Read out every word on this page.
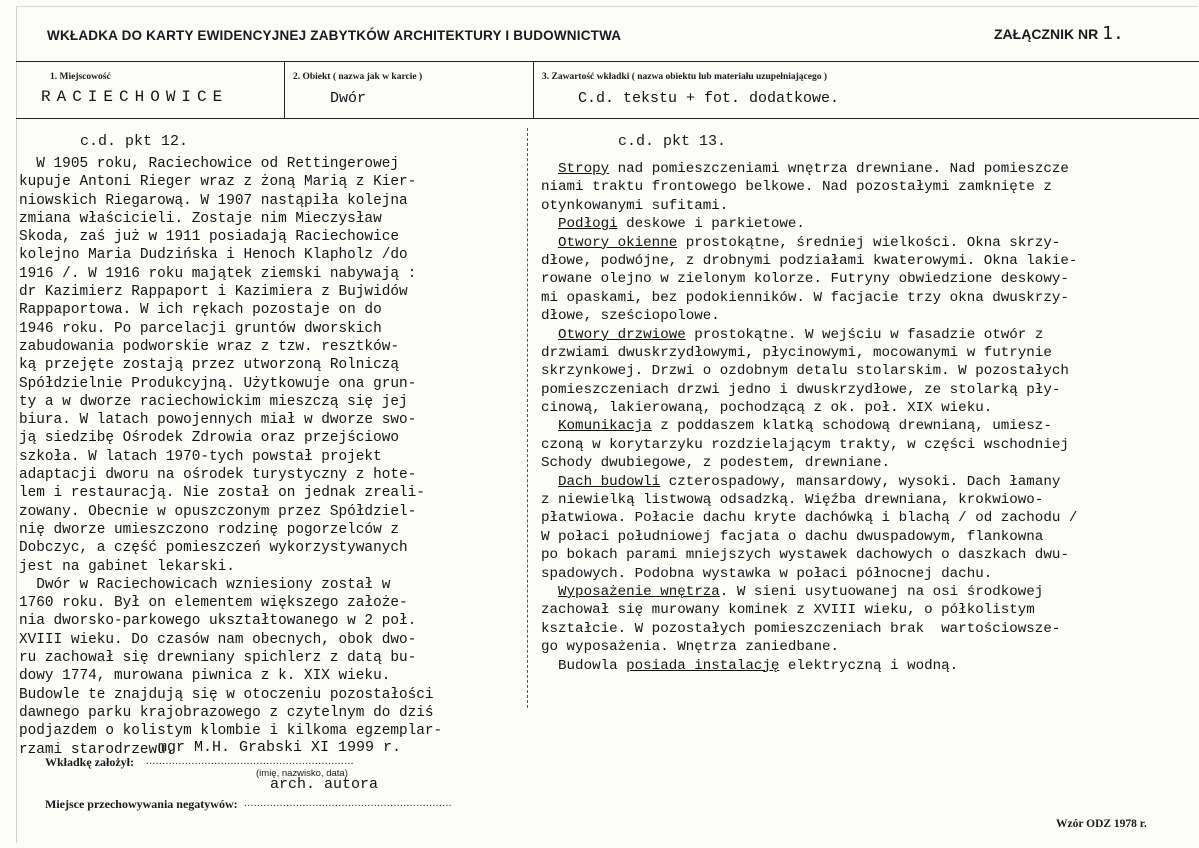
WKŁADKA DO KARTY EWIDENCYJNEJ ZABYTKÓW ARCHITEKTURY I BUDOWNICTWA	ZAŁĄCZNIK NR 1.
1. Miejscowość
RACIECHOWICE
2. Obiekt ( nazwa jak w karcie )
Dwór
3. Zawartość wkładki ( nazwa obiektu lub materiału uzupełniającego )
C.d. tekstu + fot. dodatkowe.
c.d. pkt 12.
W 1905 roku, Raciechowice od Rettingerowej
kupuje Antoni Rieger wraz z żoną Marią z Kier-
niowskich Riegarową. W 1907 nastąpiła kolejna
zmiana właścicieli. Zostaje nim Mieczysław
Skoda, zaś już w 1911 posiadają Raciechowice
kolejno Maria Dudzińska i Henoch Klapholz /do
1916 /. W 1916 roku majątek ziemski nabywają :
dr Kazimierz Rappaport i Kazimiera z Bujwidów
Rappaportowa. W ich rękach pozostaje on do
1946 roku. Po parcelacji gruntów dworskich
zabudowania podworskie wraz z tzw. resztków-
ką przejęte zostają przez utworzoną Rolniczą
Spółdzielnie Produkcyjną. Użytkowuje ona grun-
ty a w dworze raciechowickim mieszczą się jej
biura. W latach powojennych miał w dworze swo-
ją siedzibę Ośrodek Zdrowia oraz przejściowo
szkoła. W latach 1970-tych powstał projekt
adaptacji dworu na ośrodek turystyczny z hote-
lem i restauracją. Nie został on jednak zreali-
zowany. Obecnie w opuszczonym przez Spółdziel-
nię dworze umieszczono rodzinę pogorzelców z
Dobczyc, a część pomieszczeń wykorzystywanych
jest na gabinet lekarski.
Dwór w Raciechowicach wzniesiony został w
1760 roku. Był on elementem większego założe-
nia dworsko-parkowego ukształtowanego w 2 poł.
XVIII wieku. Do czasów nam obecnych, obok dwo-
ru zachował się drewniany spichlerz z datą bu-
dowy 1774, murowana piwnica z k. XIX wieku.
Budowle te znajdują się w otoczeniu pozostałości
dawnego parku krajobrazowego z czytelnym do dziś
podjazdem o kolistym klombie i kilkoma egzemplar-
rzami starodrzewu.
c.d. pkt 13.
Stropy nad pomieszczeniami wnętrza drewniane. Nad pomieszcze
niami traktu frontowego belkowe. Nad pozostałymi zamknięte z
otynkowanymi sufitami.
Podłogi deskowe i parkietowe.
Otwory okienne prostokątne, średniej wielkości. Okna skrzy-
dłowe, podwójne, z drobnymi podziałami kwaterowymi. Okna lakie-
rowane olejno w zielonym kolorze. Futryny obwiedzione deskowy-
mi opaskami, bez podokienników. W facjacie trzy okna dwuskrzy-
dłowe, sześciopolowe.
Otwory drzwiowe prostokątne. W wejściu w fasadzie otwór z
drzwiami dwuskrzydłowymi, płycinowymi, mocowanymi w futrynie
skrzynkowej. Drzwi o ozdobnym detalu stolarskim. W pozostałych
pomieszczeniach drzwi jedno i dwuskrzydłowe, ze stolarką pły-
cinową, lakierowaną, pochodzącą z ok. poł. XIX wieku.
Komunikacja z poddaszem klatką schodową drewnianą, umiesz-
czoną w korytarzyku rozdzielającym trakty, w części wschodniej
Schody dwubiegowe, z podestem, drewniane.
Dach budowli czterospadowy, mansardowy, wysoki. Dach łamany
z niewielką listwową odsadzką. Więźba drewniana, krokwiowo-
płatwiowa. Połacie dachu kryte dachówką i blachą / od zachodu /
W połaci południowej facjata o dachu dwuspadowym, flankowna
po bokach parami mniejszych wystawek dachowych o daszkach dwu-
spadowych. Podobna wystawka w połaci północnej dachu.
Wyposażenie wnętrza. W sieni usytuowanej na osi środkowej
zachował się murowany kominek z XVIII wieku, o półkolistym
kształcie. W pozostałych pomieszczeniach brak  wartościowsze-
go wyposażenia. Wnętrza zaniedbane.
Budowla posiada instalację elektryczną i wodną.
mgr M.H. Grabski XI 1999 r.
Wkładkę założył: ................................................................
(imię, nazwisko, data)
arch. autora
Miejsce przechowywania negatywów: ................................................................
Wzór ODZ 1978 r.
